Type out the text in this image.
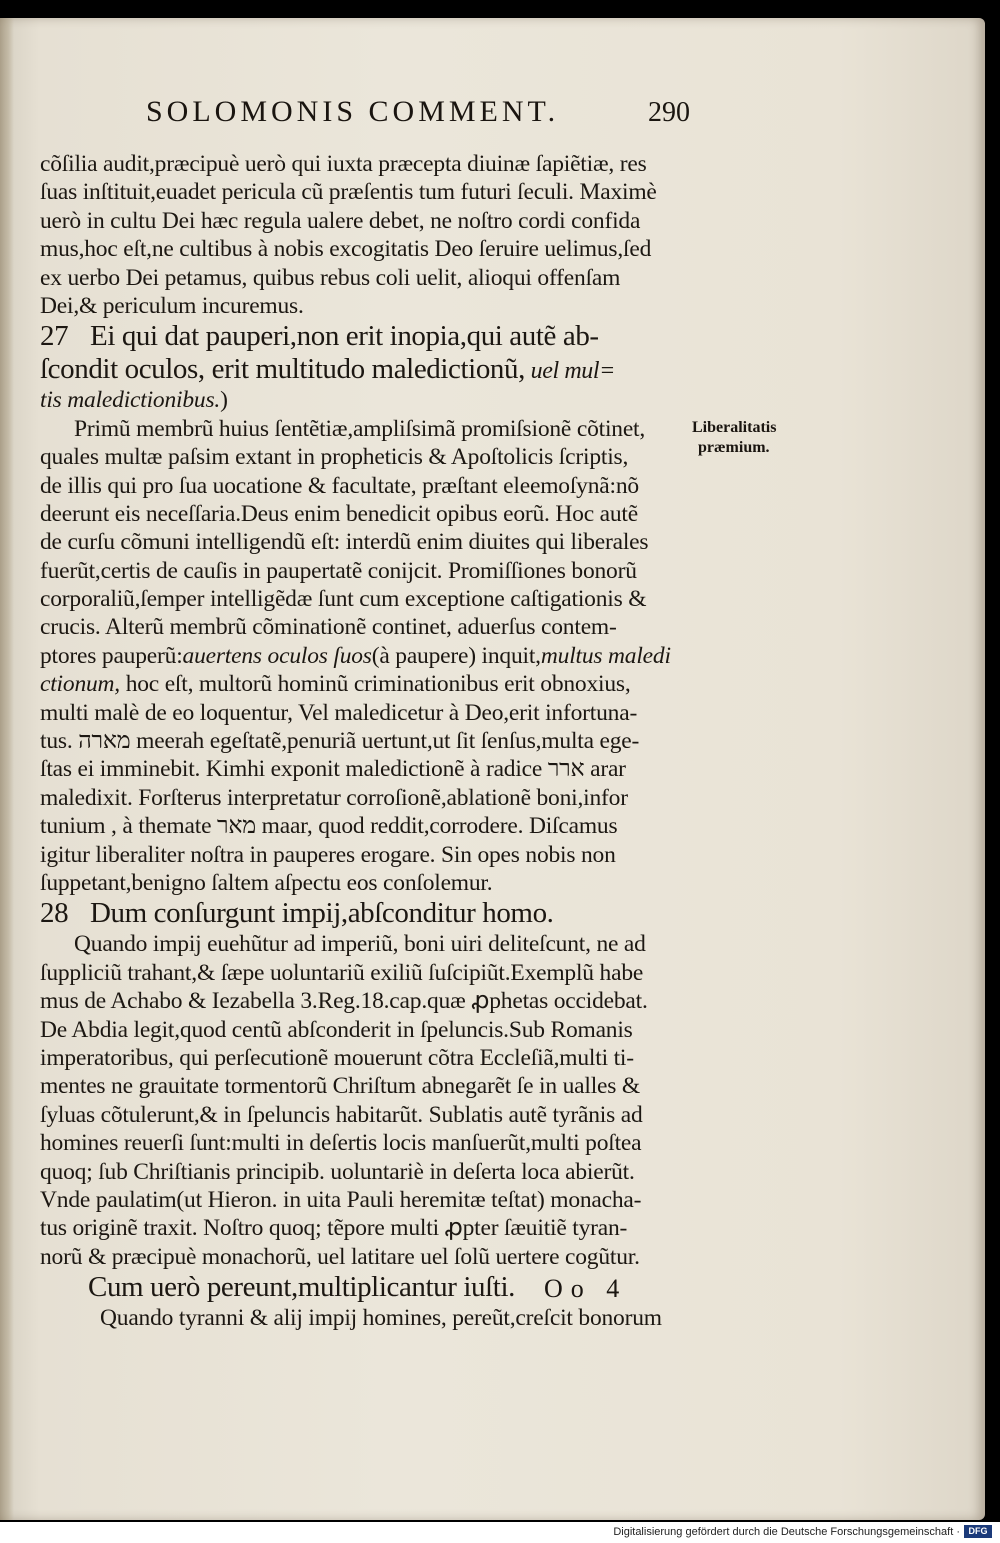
SOLOMONIS COMMENT.	290
cõſilia audit,præcipuè uerò qui iuxta præcepta diuinæ ſapiẽtiæ, res
ſuas inſtituit,euadet pericula cũ præſentis tum futuri ſeculi. Maximè
uerò in cultu Dei hæc regula ualere debet, ne noſtro cordi confida
mus,hoc eſt,ne cultibus à nobis excogitatis Deo ſeruire uelimus,ſed
ex uerbo Dei petamus, quibus rebus coli uelit, alioqui offenſam
Dei,& periculum incuremus.
27 Ei qui dat pauperi,non erit inopia,qui autẽ ab-
ſcondit oculos, erit multitudo maledictionũ, uel mul=
tis maledictionibus.)
Primũ membrũ huius ſentẽtiæ,ampliſsimã promiſsionẽ cõtinet,
quales multæ paſsim extant in propheticis & Apoſtolicis ſcriptis,
de illis qui pro ſua uocatione & facultate, præſtant eleemoſynã:nõ
deerunt eis neceſſaria.Deus enim benedicit opibus eorũ. Hoc autẽ
de curſu cõmuni intelligendũ eſt: interdũ enim diuites qui liberales
fuerũt,certis de cauſis in paupertatẽ conijcit. Promiſſiones bonorũ
corporaliũ,ſemper intelligẽdæ ſunt cum exceptione caſtigationis &
crucis. Alterũ membrũ cõminationẽ continet, aduerſus contem-
ptores pauperũ:auertens oculos ſuos(à paupere) inquit,multus maledi
ctionum, hoc eſt, multorũ hominũ criminationibus erit obnoxius,
multi malè de eo loquentur, Vel maledicetur à Deo,erit infortuna-
tus. מארה meerah egeſtatẽ,penuriã uertunt,ut ſit ſenſus,multa ege-
ſtas ei imminebit. Kimhi exponit maledictionẽ à radice ארר arar
maledixit. Forſterus interpretatur corroſionẽ,ablationẽ boni,infor
tunium , à themate מאר maar, quod reddit,corrodere. Diſcamus
igitur liberaliter noſtra in pauperes erogare. Sin opes nobis non
ſuppetant,benigno ſaltem aſpectu eos conſolemur.
28 Dum conſurgunt impij,abſconditur homo.
Quando impij euehũtur ad imperiũ, boni uiri deliteſcunt, ne ad
ſuppliciũ trahant,& ſæpe uoluntariũ exiliũ ſuſcipiũt.Exemplũ habe
mus de Achabo & Iezabella 3.Reg.18.cap.quæ ꝓphetas occidebat.
De Abdia legit,quod centũ abſconderit in ſpeluncis.Sub Romanis
imperatoribus, qui perſecutionẽ mouerunt cõtra Eccleſiã,multi ti-
mentes ne grauitate tormentorũ Chriſtum abnegarẽt ſe in ualles &
ſyluas cõtulerunt,& in ſpeluncis habitarũt. Sublatis autẽ tyrãnis ad
homines reuerſi ſunt:multi in deſertis locis manſuerũt,multi poſtea
quoq; ſub Chriſtianis principib. uoluntariè in deſerta loca abierũt.
Vnde paulatim(ut Hieron. in uita Pauli heremitæ teſtat) monacha-
tus originẽ traxit. Noſtro quoq; tẽpore multi ꝓpter ſæuitiẽ tyran-
norũ & præcipuè monachorũ, uel latitare uel ſolũ uertere cogũtur.
Cum uerò pereunt,multiplicantur iuſti.
Quando tyranni & alij impij homines, pereũt,creſcit bonorum
Liberalitatis
præmium.
Oo 4
Digitalisierung gefördert durch die Deutsche Forschungsgemeinschaft · DFG
